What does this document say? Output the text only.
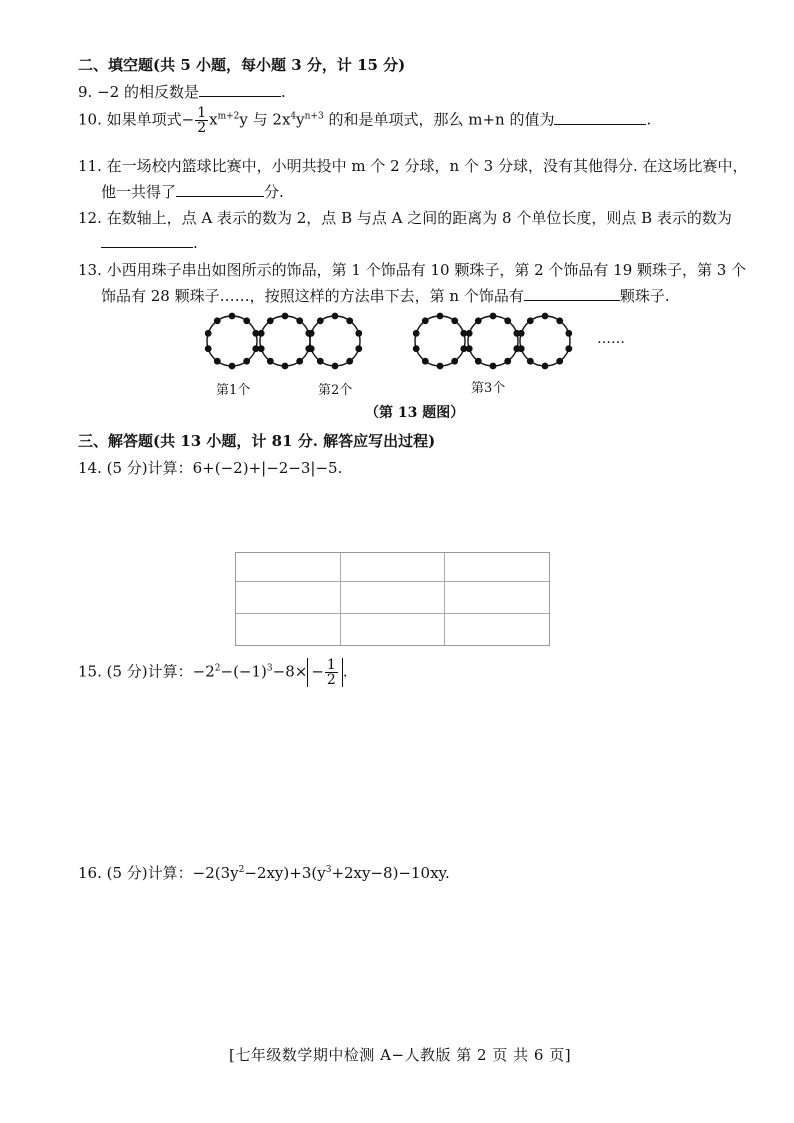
二、填空题(共 5 小题，每小题 3 分，计 15 分)
9. −2 的相反数是	.
10. 如果单项式− $\frac{1}{2} x^{m+2}y$ 与 $2x^4y^{n+3}$ 的和是单项式，那么 m+n 的值为	.
11. 在一场校内篮球比赛中，小明共投中 m 个 2 分球，n 个 3 分球，没有其他得分. 在这场比赛中，
他一共得了	分.
12. 在数轴上，点 A 表示的数为 2，点 B 与点 A 之间的距离为 8 个单位长度，则点 B 表示的数为
.
13. 小西用珠子串出如图所示的饰品，第 1 个饰品有 10 颗珠子，第 2 个饰品有 19 颗珠子，第 3 个
饰品有 28 颗珠子……，按照这样的方法串下去，第 n 个饰品有	颗珠子.
……
第1个	第2个	第3个
（第 13 题图）
三、解答题(共 13 小题，计 81 分. 解答应写出过程)
14. (5 分)计算：6+(−2)+|−2−3|−5.
15. (5 分)计算：$-2^2-(-1)^3-8\times - \frac{1}{2}$ .
16. (5 分)计算：$-2(3y^2-2xy)+3(y^3+2xy-8)-10xy$.
[七年级数学期中检测 A−人教版 第 2 页 共 6 页]
